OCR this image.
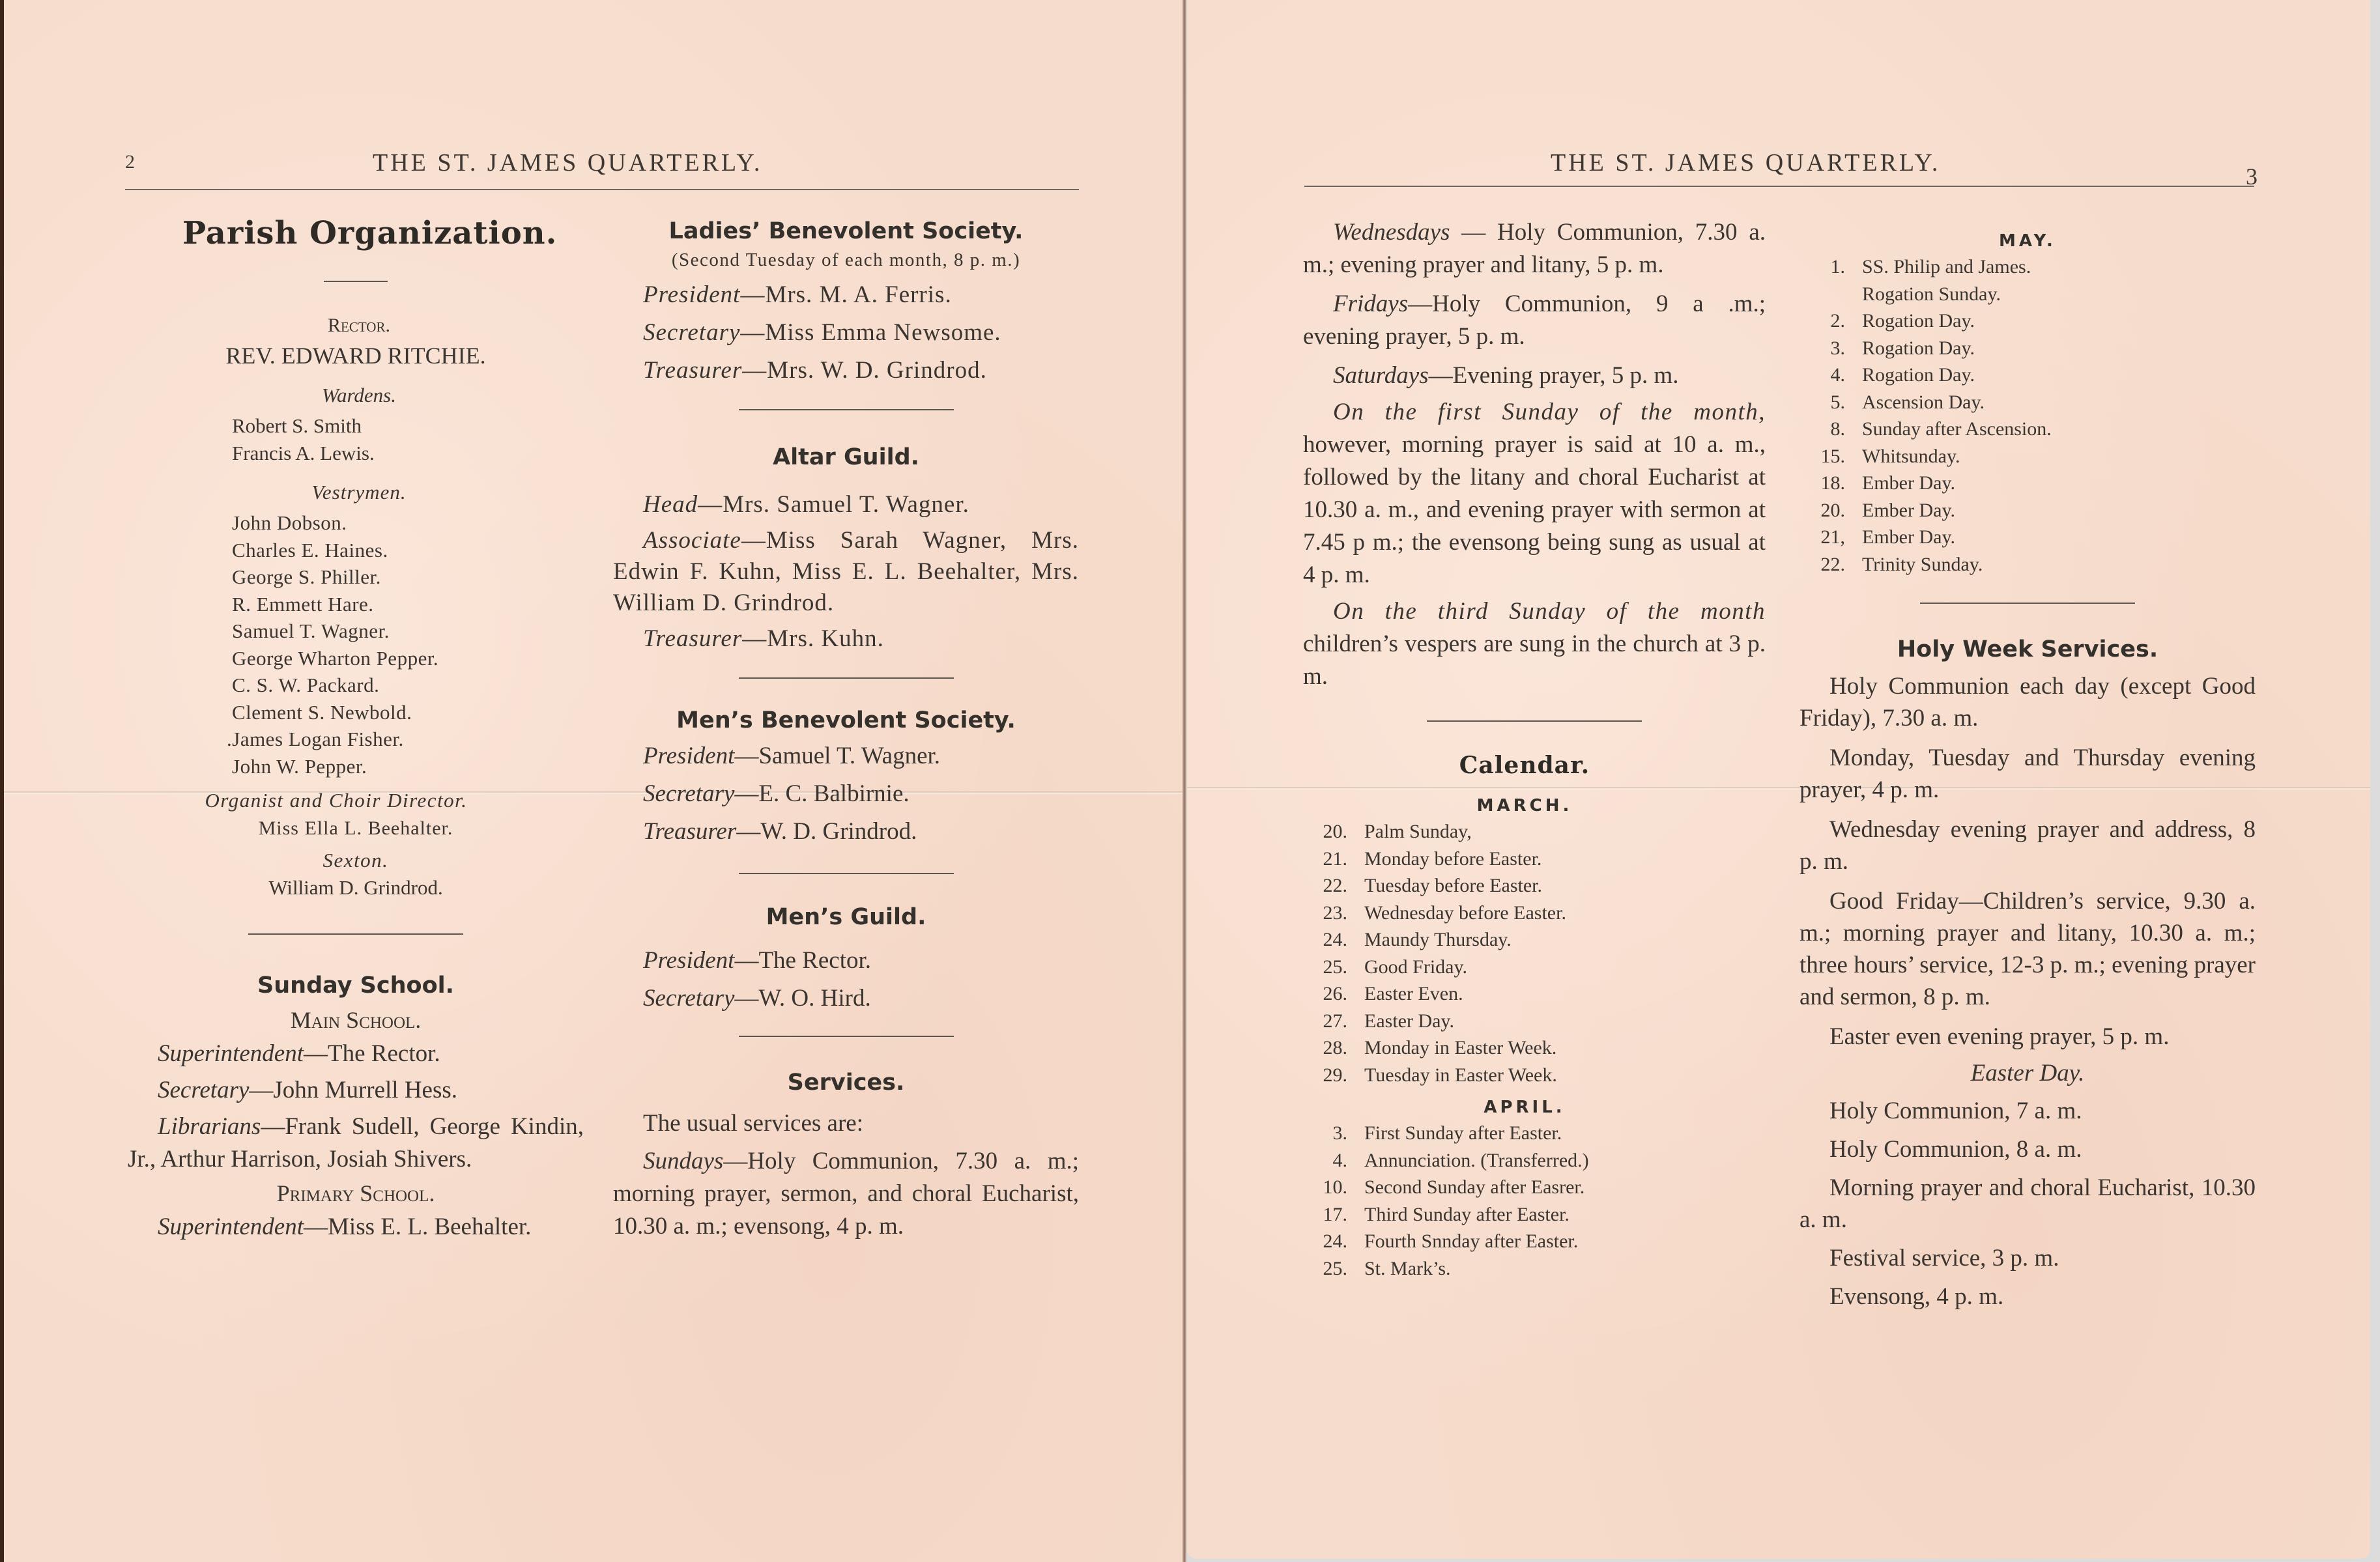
2	THE ST. JAMES QUARTERLY.
Parish Organization.
Rector.
REV. EDWARD RITCHIE.
Wardens.
Robert S. Smith
Francis A. Lewis.
Vestrymen.
John Dobson.
Charles E. Haines.
George S. Philler.
R. Emmett Hare.
Samuel T. Wagner.
George Wharton Pepper.
C. S. W. Packard.
Clement S. Newbold.
.James Logan Fisher.
John W. Pepper.
Organist and Choir Director.
Miss Ella L. Beehalter.
Sexton.
William D. Grindrod.
Sunday School.
Main School.

Superintendent—The Rector.

Secretary—John Murrell Hess.

Librarians—Frank Sudell, George Kindin, Jr., Arthur Harrison, Josiah Shivers.

Primary School.

Superintendent—Miss E. L. Beehalter.

Ladies’ Benevolent Society.
(Second Tuesday of each month, 8 p. m.)

President—Mrs. M. A. Ferris.

Secretary—Miss Emma Newsome.

Treasurer—Mrs. W. D. Grindrod.

Altar Guild.

Head—Mrs. Samuel T. Wagner.

Associate—Miss Sarah Wagner, Mrs. Edwin F. Kuhn, Miss E. L. Beehalter, Mrs. William D. Grindrod.

Treasurer—Mrs. Kuhn.

Men’s Benevolent Society.

President—Samuel T. Wagner.

Secretary—E. C. Balbirnie.

Treasurer—W. D. Grindrod.

Men’s Guild.

President—The Rector.

Secretary—W. O. Hird.

Services.

The usual services are:

Sundays—Holy Communion, 7.30 a. m.; morning prayer, sermon, and choral Eucharist, 10.30 a. m.; evensong, 4 p. m.

THE ST. JAMES QUARTERLY.	3

Wednesdays — Holy Communion, 7.30 a. m.; evening prayer and litany, 5 p. m.

Fridays—Holy Communion, 9 a .m.; evening prayer, 5 p. m.

Saturdays—Evening prayer, 5 p. m.

On the first Sunday of the month, however, morning prayer is said at 10 a. m., followed by the litany and choral Eucharist at 10.30 a. m., and evening prayer with sermon at 7.45 p m.; the evensong being sung as usual at 4 p. m.

On the third Sunday of the month children’s vespers are sung in the church at 3 p. m.

Calendar.
MARCH.
20. Palm Sunday,
21. Monday before Easter.
22. Tuesday before Easter.
23. Wednesday before Easter.
24. Maundy Thursday.
25. Good Friday.
26. Easter Even.
27. Easter Day.
28. Monday in Easter Week.
29. Tuesday in Easter Week.
APRIL.
3. First Sunday after Easter.
4. Annunciation. (Transferred.)
10. Second Sunday after Easrer.
17. Third Sunday after Easter.
24. Fourth Snnday after Easter.
25. St. Mark’s.
MAY.
1. SS. Philip and James.
Rogation Sunday.
2. Rogation Day.
3. Rogation Day.
4. Rogation Day.
5. Ascension Day.
8. Sunday after Ascension.
15. Whitsunday.
18. Ember Day.
20. Ember Day.
21, Ember Day.
22. Trinity Sunday.
Holy Week Services.

Holy Communion each day (except Good Friday), 7.30 a. m.

Monday, Tuesday and Thursday evening prayer, 4 p. m.

Wednesday evening prayer and address, 8 p. m.

Good Friday—Children’s service, 9.30 a. m.; morning prayer and litany, 10.30 a. m.; three hours’ service, 12-3 p. m.; evening prayer and sermon, 8 p. m.

Easter even evening prayer, 5 p. m.

Easter Day.

Holy Communion, 7 a. m.

Holy Communion, 8 a. m.

Morning prayer and choral Eucharist, 10.30 a. m.

Festival service, 3 p. m.

Evensong, 4 p. m.
